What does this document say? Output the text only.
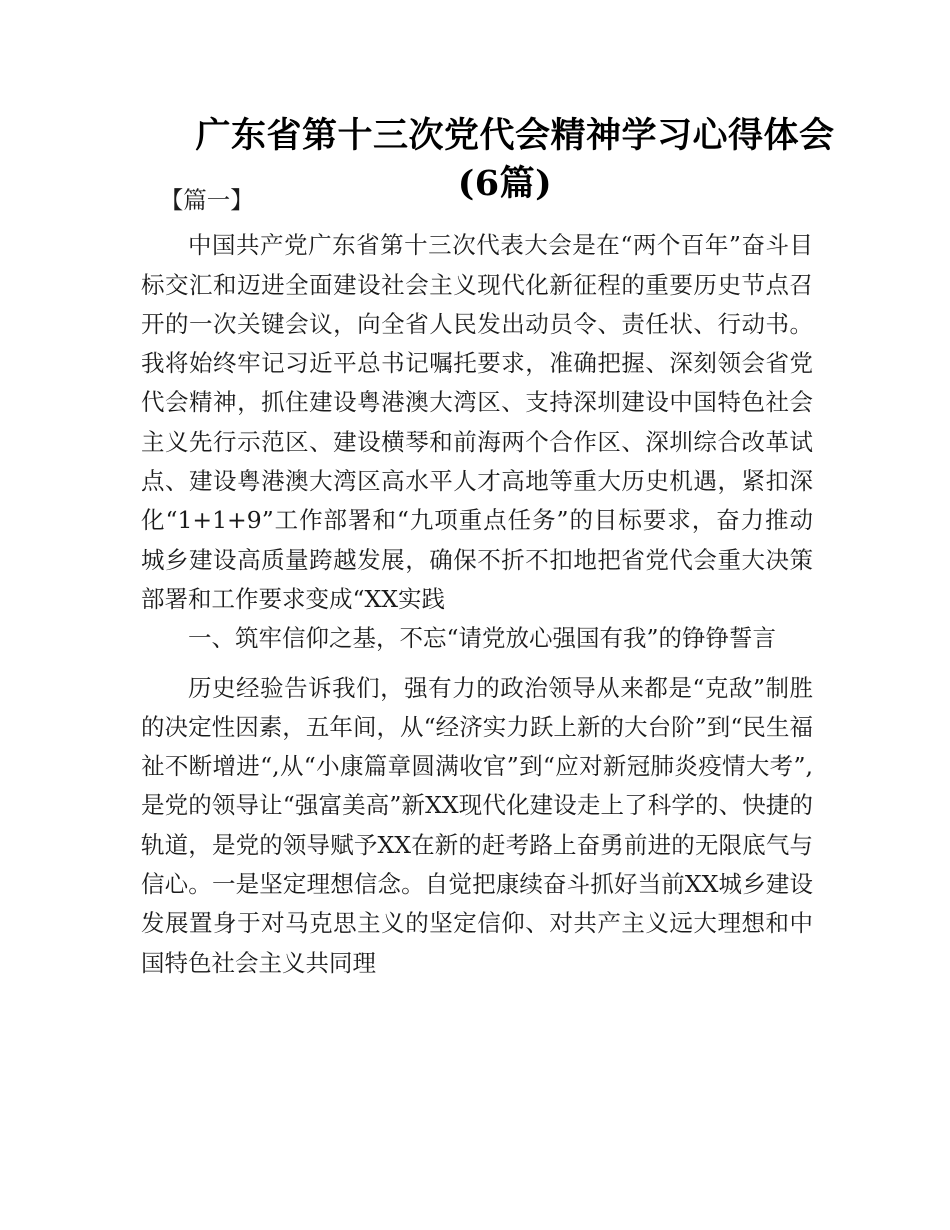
广东省第十三次党代会精神学习心得体会
(6篇)

【篇一】

中国共产党广东省第十三次代表大会是在“两个百年”奋斗目标交汇和迈进全面建设社会主义现代化新征程的重要历史节点召开的一次关键会议，向全省人民发出动员令、责任状、行动书。我将始终牢记习近平总书记嘱托要求，准确把握、深刻领会省党代会精神，抓住建设粤港澳大湾区、支持深圳建设中国特色社会主义先行示范区、建设横琴和前海两个合作区、深圳综合改革试点、建设粤港澳大湾区高水平人才高地等重大历史机遇，紧扣深化“1+1+9”工作部署和“九项重点任务”的目标要求，奋力推动城乡建设高质量跨越发展，确保不折不扣地把省党代会重大决策部署和工作要求变成“XX实践

一、筑牢信仰之基，不忘“请党放心强国有我”的铮铮誓言

历史经验告诉我们，强有力的政治领导从来都是“克敌”制胜的决定性因素，五年间，从“经济实力跃上新的大台阶”到“民生福祉不断增进“,从“小康篇章圆满收官”到“应对新冠肺炎疫情大考”,是党的领导让“强富美高”新XX现代化建设走上了科学的、快捷的轨道，是党的领导赋予XX在新的赶考路上奋勇前进的无限底气与信心。一是坚定理想信念。自觉把康续奋斗抓好当前XX城乡建设发展置身于对马克思主义的坚定信仰、对共产主义远大理想和中国特色社会主义共同理
